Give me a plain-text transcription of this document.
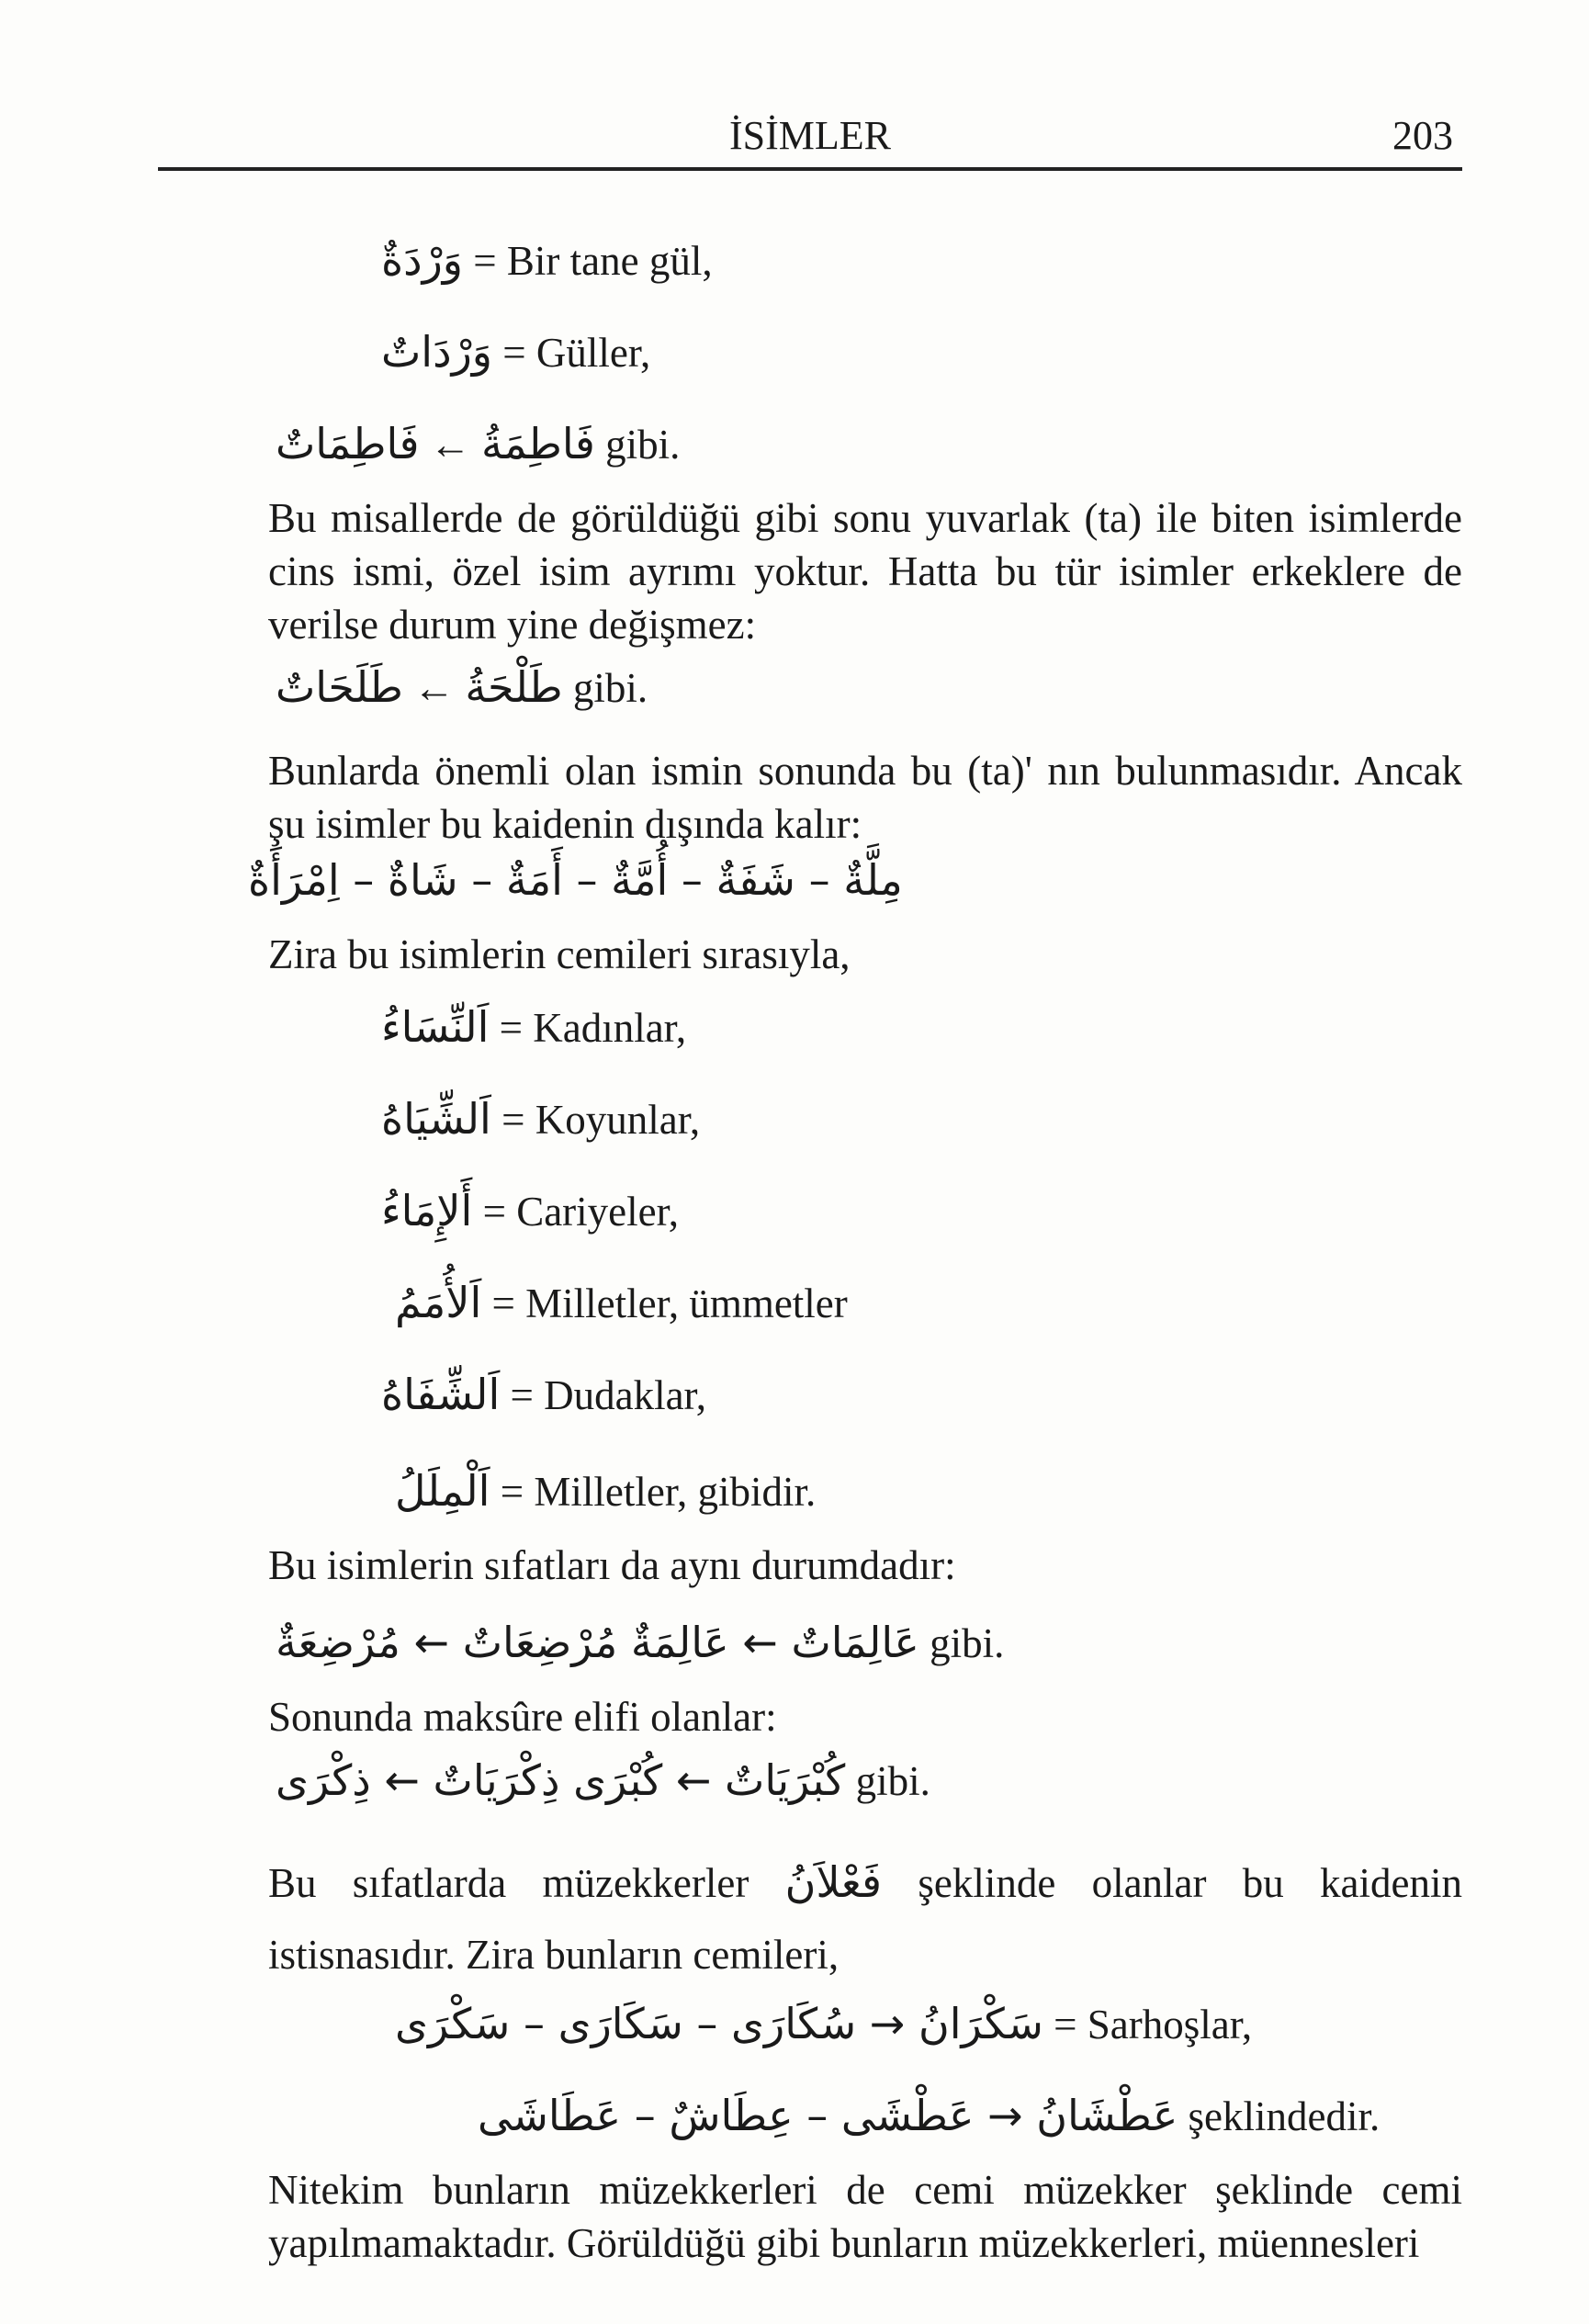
İSİMLER	203
وَرْدَةٌ = Bir tane gül,
وَرْدَاتٌ = Güller,
فَاطِمَاتٌ ← فَاطِمَةُ gibi.
Bu misallerde de görüldüğü gibi sonu yuvarlak (ta) ile biten isimlerde cins ismi, özel isim ayrımı yoktur. Hatta bu tür isimler erkeklere de verilse durum yine değişmez:
طَلَحَاتٌ ← طَلْحَةُ gibi.
Bunlarda önemli olan ismin sonunda bu (ta)' nın bulunmasıdır. Ancak şu isimler bu kaidenin dışında kalır:
مِلَّةٌ – شَفَةٌ – أُمَّةٌ – أَمَةٌ – شَاةٌ – اِمْرَأَةٌ
Zira bu isimlerin cemileri sırasıyla,
اَلنِّسَاءُ = Kadınlar,
اَلشِّيَاهُ = Koyunlar,
أَلإِمَاءُ = Cariyeler,
اَلأُمَمُ = Milletler, ümmetler
اَلشِّفَاهُ = Dudaklar,
اَلْمِلَلُ = Milletler, gibidir.
Bu isimlerin sıfatları da aynı durumdadır:
عَالِمَاتٌ ← عَالِمَةٌ مُرْضِعَاتٌ ← مُرْضِعَةٌ gibi.
Sonunda maksûre elifi olanlar:
كُبْرَيَاتٌ ← كُبْرَى ذِكْرَيَاتٌ ← ذِكْرَى gibi.
Bu sıfatlarda müzekkerler فَعْلاَنُ şeklinde olanlar bu kaidenin istisnasıdır. Zira bunların cemileri,
سَكْرَانُ → سُكَارَى – سَكَارَى – سَكْرَى = Sarhoşlar,
عَطْشَانُ → عَطْشَى – عِطَاشٌ – عَطَاشَى şeklindedir.
Nitekim bunların müzekkerleri de cemi müzekker şeklinde cemi yapılmamaktadır. Görüldüğü gibi bunların müzekkerleri, müennesleri
